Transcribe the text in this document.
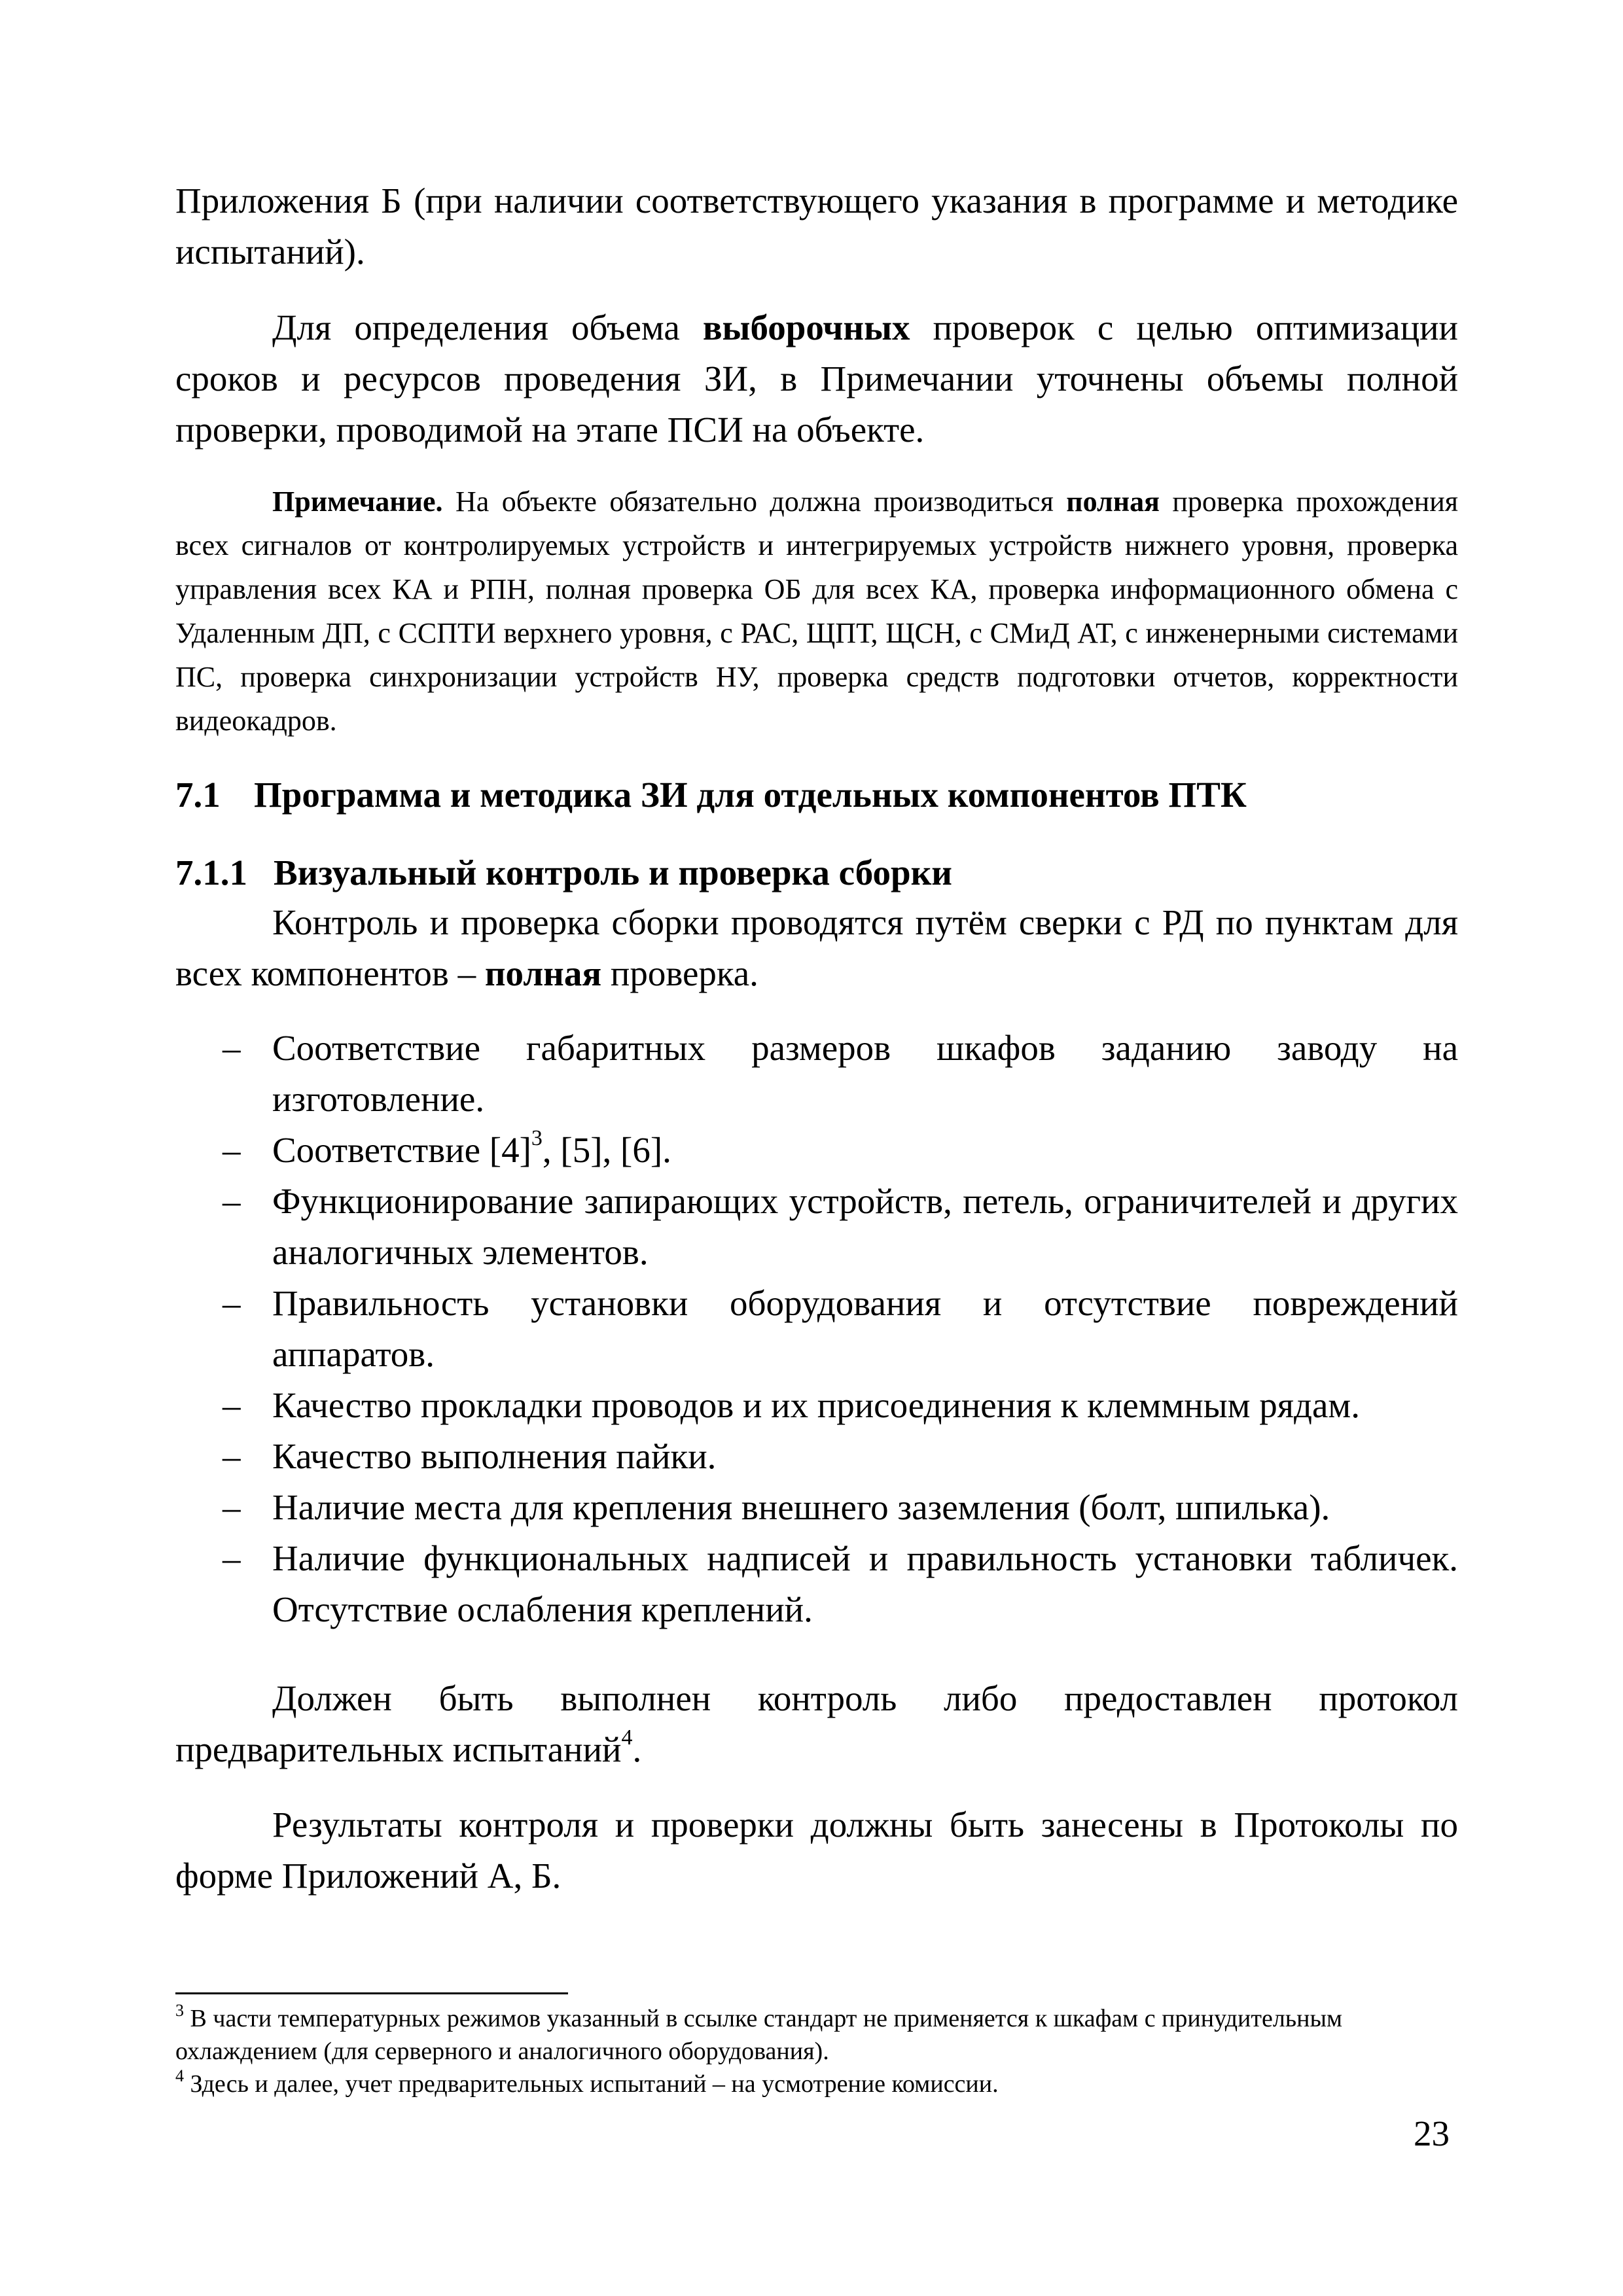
Приложения Б (при наличии соответствующего указания в программе и методике испытаний).

Для определения объема выборочных проверок с целью оптимизации сроков и ресурсов проведения ЗИ, в Примечании уточнены объемы полной проверки, проводимой на этапе ПСИ на объекте.

Примечание. На объекте обязательно должна производиться полная проверка прохождения всех сигналов от контролируемых устройств и интегрируемых устройств нижнего уровня, проверка управления всех КА и РПН, полная проверка ОБ для всех КА, проверка информационного обмена с Удаленным ДП, с ССПТИ верхнего уровня, с РАС, ЩПТ, ЩСН, с СМиД АТ, с инженерными системами ПС, проверка синхронизации устройств НУ, проверка средств подготовки отчетов, корректности видеокадров.

7.1 Программа и методика ЗИ для отдельных компонентов ПТК
7.1.1 Визуальный контроль и проверка сборки

Контроль и проверка сборки проводятся путём сверки с РД по пунктам для всех компонентов – полная проверка.

– Соответствие габаритных размеров шкафов заданию заводу на изготовление.
– Соответствие $[4]^3$, [5], [6].
– Функционирование запирающих устройств, петель, ограничителей и других аналогичных элементов.
– Правильность установки оборудования и отсутствие повреждений аппаратов.
– Качество прокладки проводов и их присоединения к клеммным рядам.
– Качество выполнения пайки.
– Наличие места для крепления внешнего заземления (болт, шпилька).
– Наличие функциональных надписей и правильность установки табличек. Отсутствие ослабления креплений.

Должен быть выполнен контроль либо предоставлен протокол предварительных испытаний$^4$.

Результаты контроля и проверки должны быть занесены в Протоколы по форме Приложений А, Б.

$^3$ В части температурных режимов указанный в ссылке стандарт не применяется к шкафам с принудительным охлаждением (для серверного и аналогичного оборудования).

$^4$ Здесь и далее, учет предварительных испытаний – на усмотрение комиссии.

23
